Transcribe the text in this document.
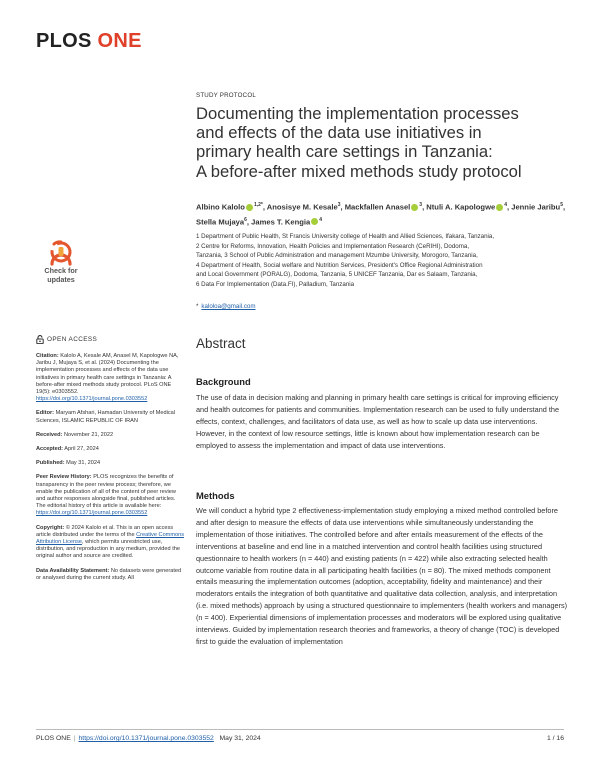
PLOS ONE
STUDY PROTOCOL
Documenting the implementation processes
and effects of the data use initiatives in
primary health care settings in Tanzania:
A before-after mixed methods study protocol
Albino Kalolo $^{1,2*}$, Anosisye M. Kesale$^3$, Mackfallen Anasel $^3$, Ntuli A. Kapologwe $^4$, Jennie Jaribu$^5$, Stella Mujaya$^6$, James T. Kengia $^4$
1 Department of Public Health, St Francis University college of Health and Allied Sciences, Ifakara, Tanzania,
2 Centre for Reforms, Innovation, Health Policies and Implementation Research (CeRIHI), Dodoma,
Tanzania, 3 School of Public Administration and management Mzumbe University, Morogoro, Tanzania,
4 Department of Health, Social welfare and Nutrition Services, President's Office Regional Administration
and Local Government (PORALG), Dodoma, Tanzania, 5 UNICEF Tanzania, Dar es Salaam, Tanzania,
6 Data For Implementation (Data.FI), Palladium, Tanzania
* kaloloa@gmail.com
Check for
updates
OPEN ACCESS
Citation: Kalolo A, Kesale AM, Anasel M, Kapologwe NA, Jaribu J, Mujaya S, et al. (2024) Documenting the implementation processes and effects of the data use initiatives in primary health care settings in Tanzania: A before-after mixed methods study protocol. PLoS ONE 19(5): e0303552. https://doi.org/10.1371/journal.pone.0303552
Editor: Maryam Afshari, Hamadan University of Medical Sciences, ISLAMIC REPUBLIC OF IRAN
Received: November 21, 2022
Accepted: April 27, 2024
Published: May 31, 2024
Peer Review History: PLOS recognizes the benefits of transparency in the peer review process; therefore, we enable the publication of all of the content of peer review and author responses alongside final, published articles. The editorial history of this article is available here: https://doi.org/10.1371/journal.pone.0303552
Copyright: © 2024 Kalolo et al. This is an open access article distributed under the terms of the Creative Commons Attribution License, which permits unrestricted use, distribution, and reproduction in any medium, provided the original author and source are credited.
Data Availability Statement: No datasets were generated or analysed during the current study. All
Abstract
Background
The use of data in decision making and planning in primary health care settings is critical for improving efficiency and health outcomes for patients and communities. Implementation research can be used to fully understand the effects, context, challenges, and facilitators of data use, as well as how to scale up data use interventions. However, in the context of low resource settings, little is known about how implementation research can be employed to assess the implementation and impact of data use interventions.
Methods
We will conduct a hybrid type 2 effectiveness-implementation study employing a mixed method controlled before and after design to measure the effects of data use interventions while simultaneously understanding the implementation of those initiatives. The controlled before and after entails measurement of the effects of the interventions at baseline and end line in a matched intervention and control health facilities using structured questionnaire to health workers (n = 440) and existing patients (n = 422) while also extracting selected health outcome variable from routine data in all participating health facilities (n = 80). The mixed methods component entails measuring the implementation outcomes (adoption, acceptability, fidelity and maintenance) and their moderators entails the integration of both quantitative and qualitative data collection, analysis, and interpretation (i.e. mixed methods) approach by using a structured questionnaire to implementers (health workers and managers) (n = 400). Experiential dimensions of implementation processes and moderators will be explored using qualitative interviews. Guided by implementation research theories and frameworks, a theory of change (TOC) is developed first to guide the evaluation of implementation
PLOS ONE | https://doi.org/10.1371/journal.pone.0303552 May 31, 2024	1 / 16
